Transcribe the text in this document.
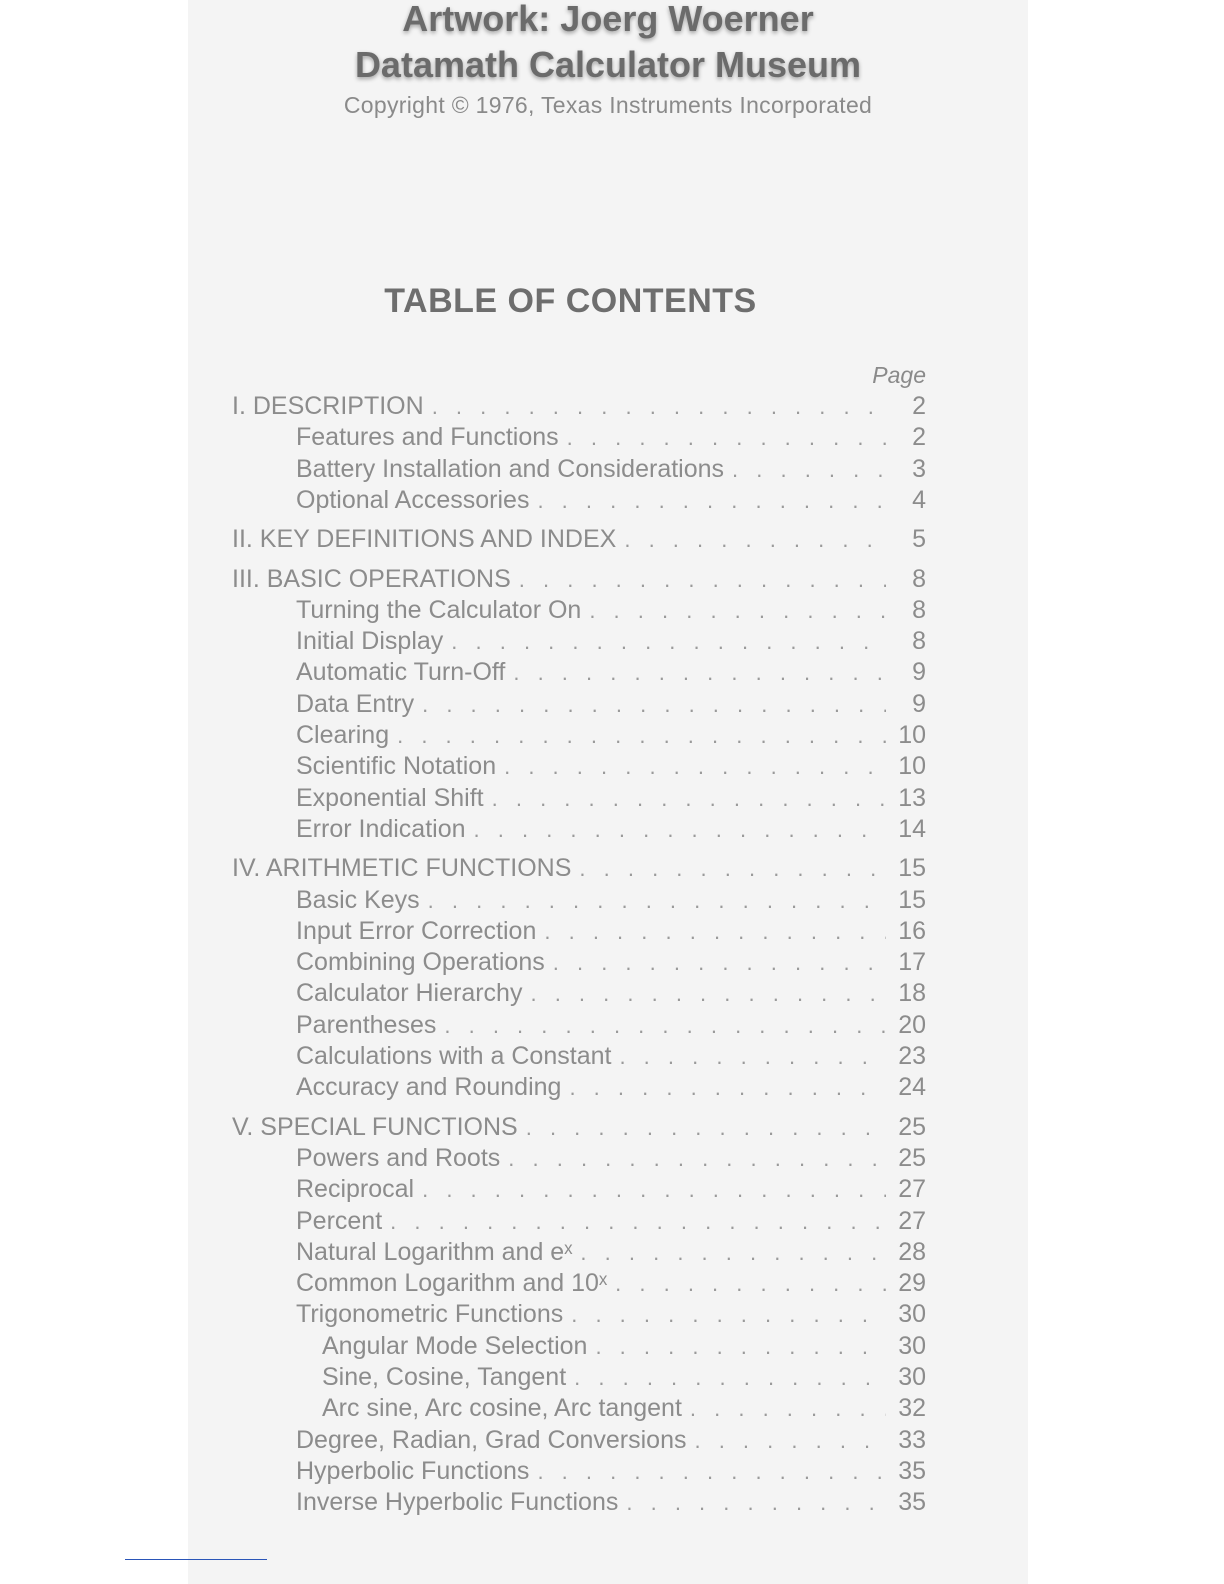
Artwork: Joerg Woerner
Datamath Calculator Museum
Copyright © 1976, Texas Instruments Incorporated
TABLE OF CONTENTS
Page
I. DESCRIPTION . . .	2
Features and Functions . . .	2
Battery Installation and Considerations . . .	3
Optional Accessories . . .	4
II. KEY DEFINITIONS AND INDEX . . .	5
III. BASIC OPERATIONS . . .	8
Turning the Calculator On . . .	8
Initial Display . . .	8
Automatic Turn-Off . . .	9
Data Entry . . .	9
Clearing . . .	10
Scientific Notation . . .	10
Exponential Shift . . .	13
Error Indication . . .	14
IV. ARITHMETIC FUNCTIONS . . .	15
Basic Keys . . .	15
Input Error Correction . . .	16
Combining Operations . . .	17
Calculator Hierarchy . . .	18
Parentheses . . .	20
Calculations with a Constant . . .	23
Accuracy and Rounding . . .	24
V. SPECIAL FUNCTIONS . . .	25
Powers and Roots . . .	25
Reciprocal . . .	27
Percent . . .	27
Natural Logarithm and eˣ . . .	28
Common Logarithm and 10ˣ . . .	29
Trigonometric Functions . . .	30
Angular Mode Selection . . .	30
Sine, Cosine, Tangent . . .	30
Arc sine, Arc cosine, Arc tangent . . .	32
Degree, Radian, Grad Conversions . . .	33
Hyperbolic Functions . . .	35
Inverse Hyperbolic Functions . . .	35
